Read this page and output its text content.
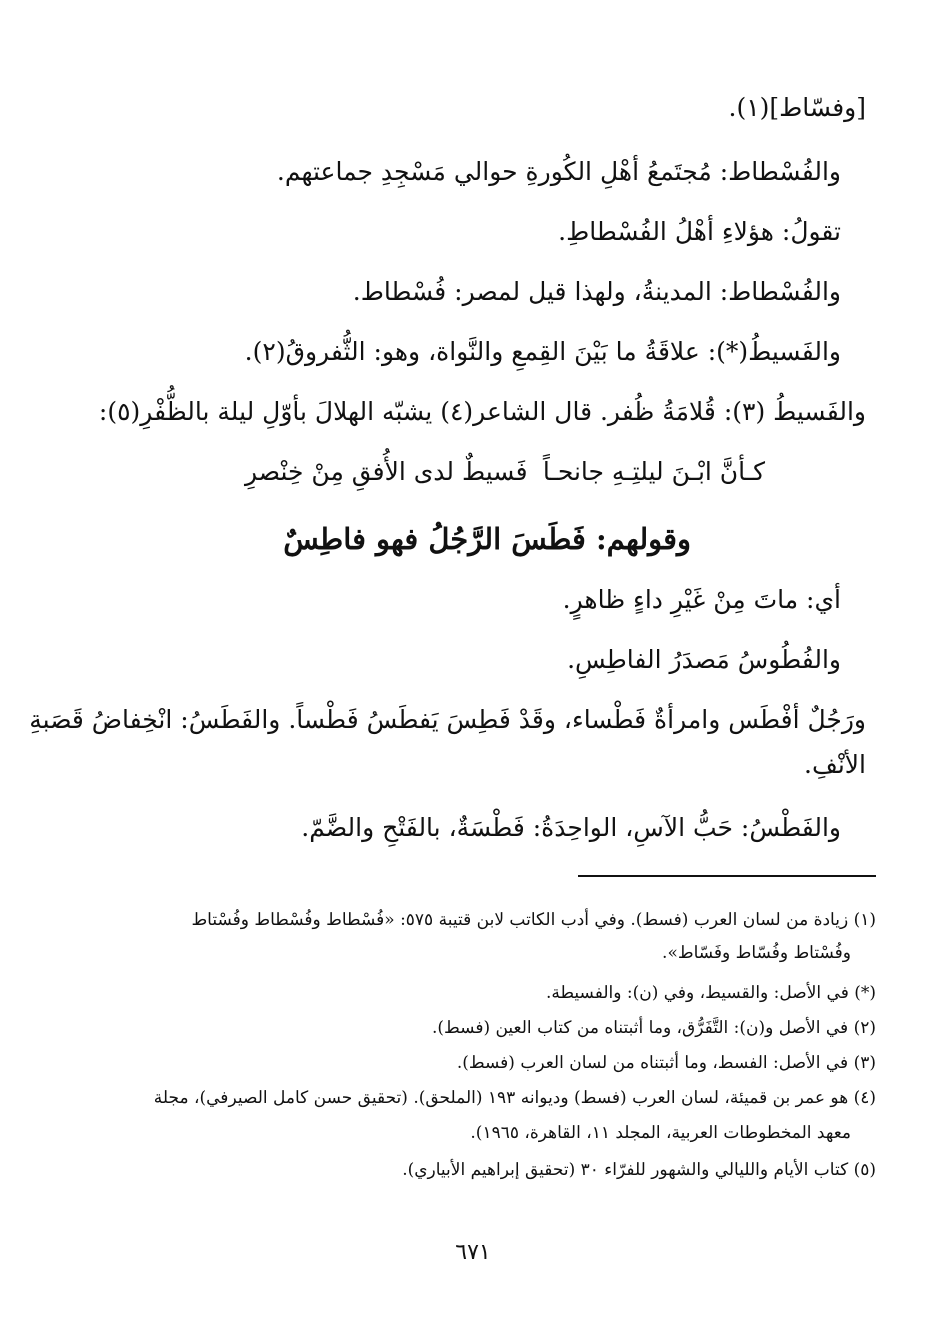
[وفسّاط](١).
والفُسْطاط: مُجتَمعُ أهْلِ الكُورةِ حوالي مَسْجِدِ جماعتهم.
تقولُ: هؤلاءِ أهْلُ الفُسْطاطِ.
والفُسْطاط: المدينةُ، ولهذا قيل لمصر: فُسْطاط.
والفَسيطُ(*): علاقَةُ ما بَيْنَ القِمعِ والنَّواة، وهو: الثُّفروقُ(٢).
والفَسيطُ (٣): قُلامَةُ ظُفر. قال الشاعر(٤) يشبّه الهلالَ بأوّلِ ليلة بالظُّفْرِ(٥):
كـأنَّ ابْـنَ ليلتِـهِ جانحـاً
فَسيطٌ لدى الأُفقِ مِنْ خِنْصرِ
وقولهم: فَطَسَ الرَّجُلُ فهو فاطِسٌ
أي: ماتَ مِنْ غَيْرِ داءٍ ظاهرٍ.
والفُطُوسُ مَصدَرُ الفاطِسِ.
ورَجُلٌ أفْطَس وامرأةٌ فَطْساء، وقَدْ فَطِسَ يَفطَسُ فَطْساً. والفَطَسُ: انْخِفاضُ قَصَبةِ
الأنْفِ.
والفَطْسُ: حَبُّ الآسِ، الواحِدَةُ: فَطْسَةٌ، بالفَتْحِ والضَّمّ.
(١) زيادة من لسان العرب (فسط). وفي أدب الكاتب لابن قتيبة ٥٧٥: «فُسْطاط وفُسْطاط وفُسْتاط
وفُسْتاط وفُسّاط وفَسّاط».
(*) في الأصل: والقسيط، وفي (ن): والفسيطة.
(٢) في الأصل و(ن): التَّفَرُّق، وما أثبتناه من كتاب العين (فسط).
(٣) في الأصل: الفسط، وما أثبتناه من لسان العرب (فسط).
(٤) هو عمر بن قميئة، لسان العرب (فسط) وديوانه ١٩٣ (الملحق). (تحقيق حسن كامل الصيرفي)، مجلة
معهد المخطوطات العربية، المجلد ١١، القاهرة، ١٩٦٥).
(٥) كتاب الأيام والليالي والشهور للفرّاء ٣٠ (تحقيق إبراهيم الأبياري).
٦٧١
